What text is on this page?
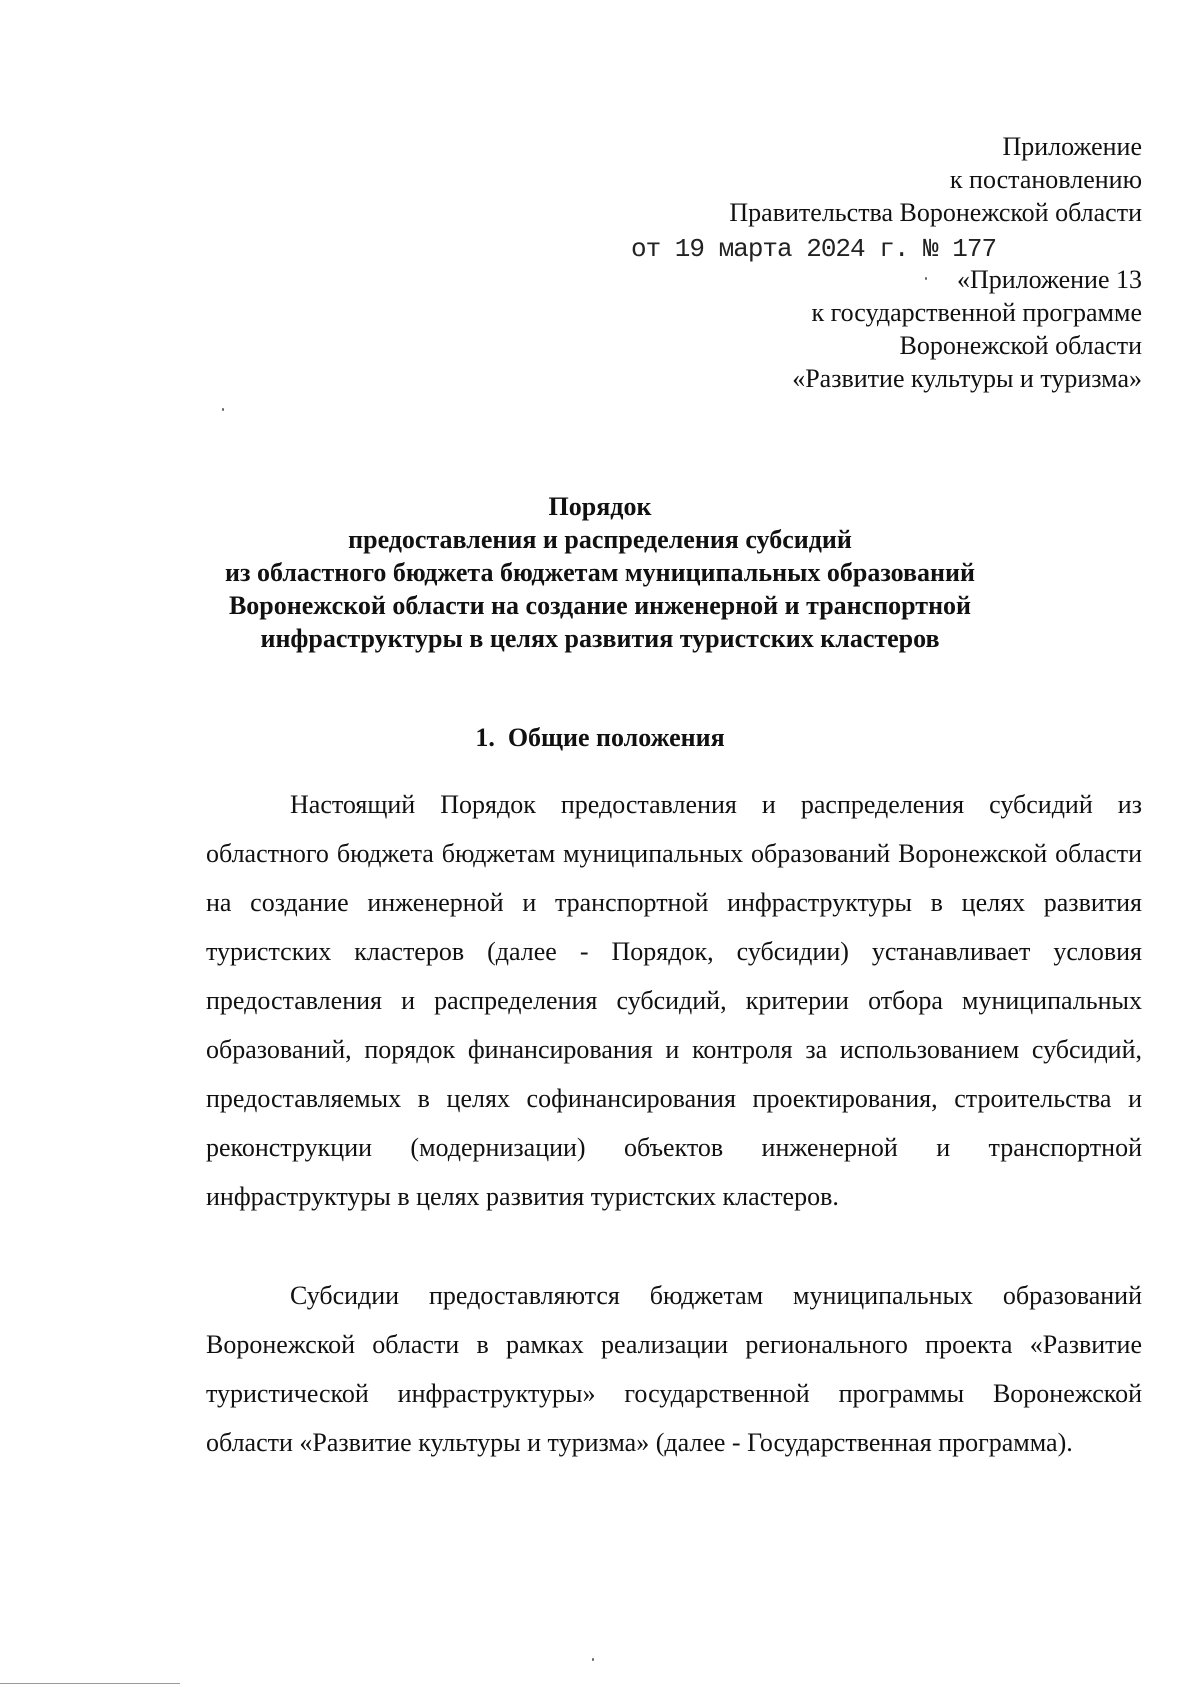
Приложение
к постановлению
Правительства Воронежской области
от 19 марта 2024 г. № 177
«Приложение 13
к государственной программе
Воронежской области
«Развитие культуры и туризма»
Порядок
предоставления и распределения субсидий
из областного бюджета бюджетам муниципальных образований
Воронежской области на создание инженерной и транспортной
инфраструктуры в целях развития туристских кластеров
1.  Общие положения
Настоящий Порядок предоставления и распределения субсидий из областного бюджета бюджетам муниципальных образований Воронежской области на создание инженерной и транспортной инфраструктуры в целях развития туристских кластеров (далее - Порядок, субсидии) устанавливает условия предоставления и распределения субсидий, критерии отбора муниципальных образований, порядок финансирования и контроля за использованием субсидий, предоставляемых в целях софинансирования проектирования, строительства и реконструкции (модернизации) объектов инженерной и транспортной инфраструктуры в целях развития туристских кластеров.
Субсидии предоставляются бюджетам муниципальных образований Воронежской области в рамках реализации регионального проекта «Развитие туристической инфраструктуры» государственной программы Воронежской области «Развитие культуры и туризма» (далее - Государственная программа).
